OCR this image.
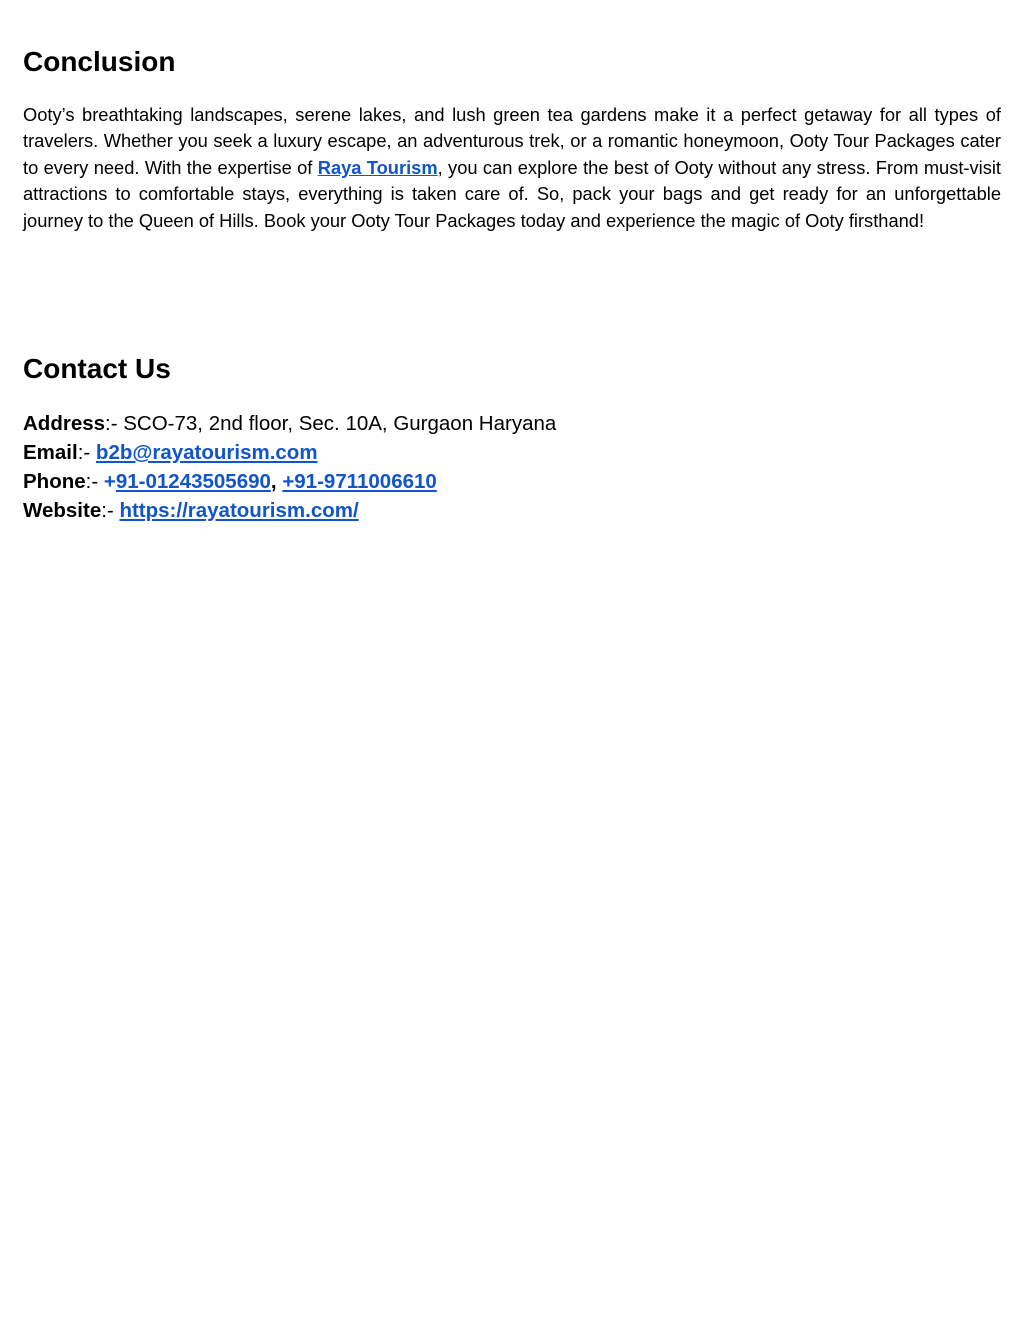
Conclusion

Ooty’s breathtaking landscapes, serene lakes, and lush green tea gardens make it a perfect getaway for all types of travelers. Whether you seek a luxury escape, an adventurous trek, or a romantic honeymoon, Ooty Tour Packages cater to every need. With the expertise of Raya Tourism, you can explore the best of Ooty without any stress. From must-visit attractions to comfortable stays, everything is taken care of. So, pack your bags and get ready for an unforgettable journey to the Queen of Hills. Book your Ooty Tour Packages today and experience the magic of Ooty firsthand!

Contact Us
Address:- SCO-73, 2nd floor, Sec. 10A, Gurgaon Haryana
Email:- b2b@rayatourism.com
Phone:- +91-01243505690, +91-9711006610
Website:- https://rayatourism.com/
